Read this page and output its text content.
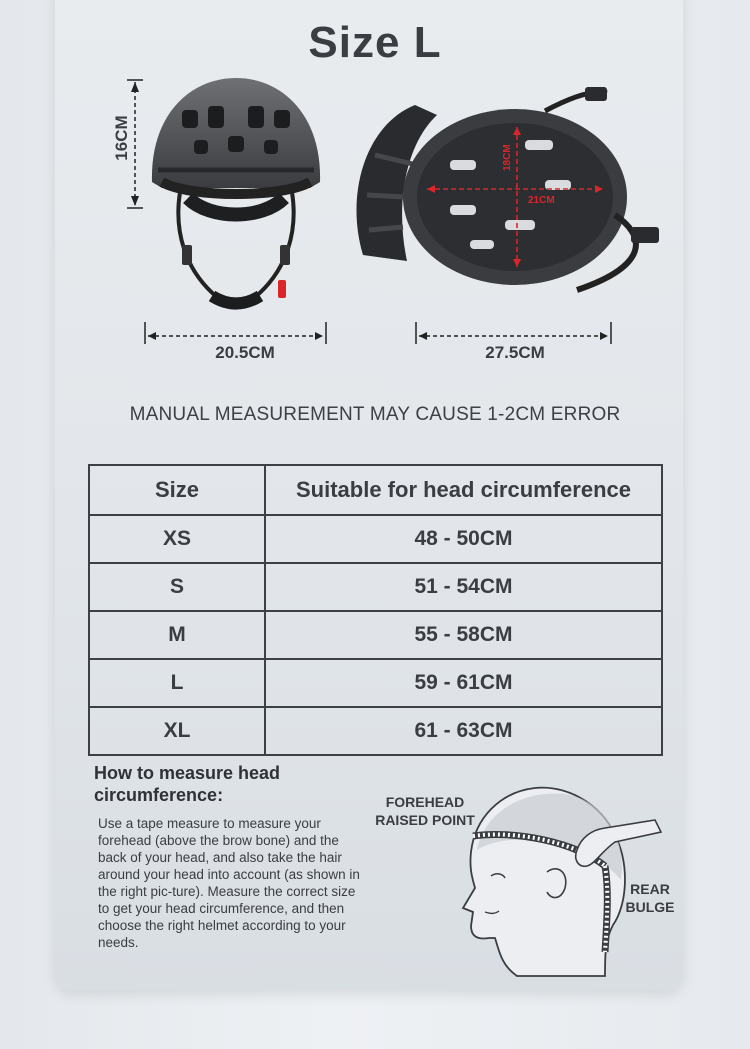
Size L
16CM	18CM
21CM
20.5CM	27.5CM
MANUAL MEASUREMENT MAY CAUSE 1-2CM ERROR
Size	Suitable for head circumference
XS	48 - 50CM
S	51 - 54CM
M	55 - 58CM
L	59 - 61CM
XL	61 - 63CM
How to measure head circumference:
Use a tape measure to measure your forehead (above the brow bone) and the back of your head, and also take the hair around your head into account (as shown in the right pic-ture). Measure the correct size to get your head circumference, and then choose the right helmet according to your needs.
FOREHEAD
RAISED POINT
REAR
BULGE
